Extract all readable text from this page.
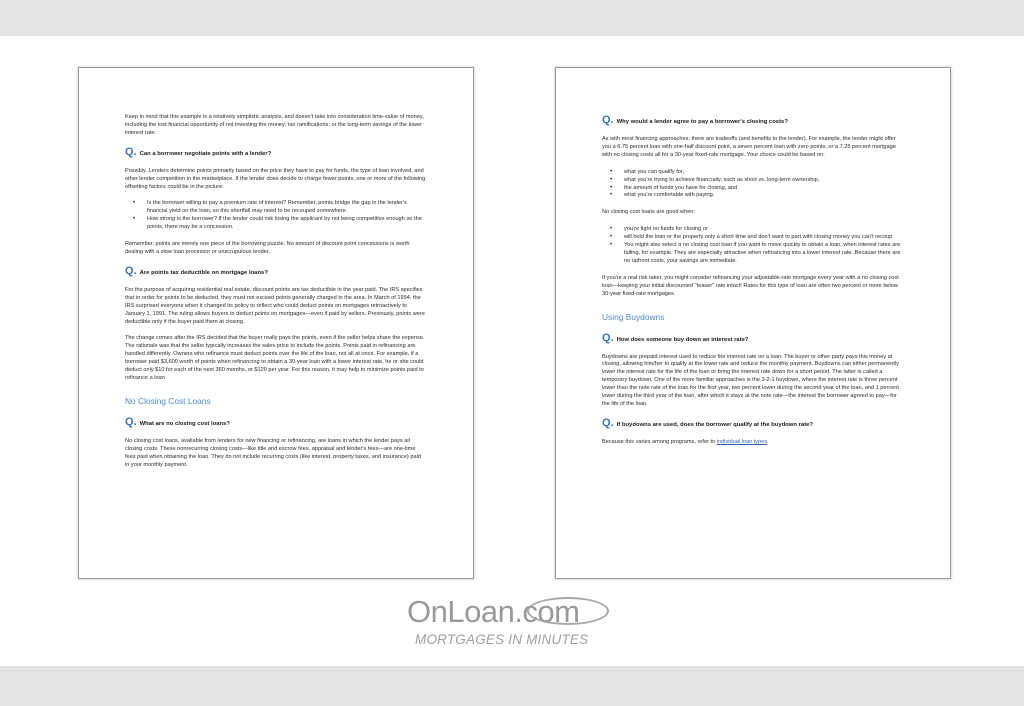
Keep in mind that this example is a relatively simplistic analysis, and doesn't take into consideration time-value of money, including the lost financial opportunity of not investing the money; tax ramifications; or the long-term savings of the lower interest rate.

Q. Can a borrower negotiate points with a lender?

Possibly. Lenders determine points primarily based on the price they have to pay for funds, the type of loan involved, and other lender competition in the marketplace. If the lender does decide to charge fewer points, one or more of the following offsetting factors could be in the picture:

• Is the borrower willing to pay a premium rate of interest? Remember, points bridge the gap in the lender's financial yield on the loan, so this shortfall may need to be recouped somewhere.
• How strong is the borrower? If the lender could risk losing the applicant by not being competitive enough on the points, there may be a concession.

Remember, points are merely one piece of the borrowing puzzle. No amount of discount point concessions is worth dealing with a slow loan processor or unscrupulous lender.

Q. Are points tax deductible on mortgage loans?

For the purpose of acquiring residential real estate, discount points are tax deductible in the year paid. The IRS specifies that in order for points to be deducted, they must not exceed points generally charged in the area. In March of 1994, the IRS surprised everyone when it changed its policy to reflect who could deduct points on mortgages retroactively to January 1, 1991. The ruling allows buyers to deduct points on mortgages—even if paid by sellers. Previously, points were deductible only if the buyer paid them at closing.

The change comes after the IRS decided that the buyer really pays the points, even if the seller helps share the expense. The rationale was that the seller typically increases the sales price to include the points. Points paid in refinancing are handled differently. Owners who refinance must deduct points over the life of the loan, not all at once. For example, if a borrower paid $3,600 worth of points when refinancing to obtain a 30-year loan with a lower interest rate, he or she could deduct only $10 for each of the next 360 months, or $120 per year. For this reason, it may help to minimize points paid to refinance a loan

No Closing Cost Loans
Q. What are no closing cost loans?

No closing cost loans, available from lenders for new financing or refinancing, are loans in which the lender pays all closing costs. These nonrecurring closing costs—like title and escrow fees, appraisal and lender's fees—are one-time fees paid when obtaining the loan. They do not include recurring costs (like interest, property taxes, and insurance) paid in your monthly payment.

Q. Why would a lender agree to pay a borrower's closing costs?

As with most financing approaches, there are tradeoffs (and benefits to the lender). For example, the lender might offer you a 6.75 percent loan with one-half discount point, a seven percent loan with zero points, or a 7.25 percent mortgage with no closing costs all for a 30-year fixed-rate mortgage. Your choice could be based on:

• what you can qualify for,
• what you're trying to achieve financially, such as short vs. long-term ownership,
• the amount of funds you have for closing, and
• what you're comfortable with paying.

No closing cost loans are good when:

• you're tight on funds for closing or
• will hold the loan or the property only a short time and don't want to part with closing money you can't recoup.
• You might also select a no closing cost loan if you want to move quickly to obtain a loan, when interest rates are falling, for example. They are especially attractive when refinancing into a lower interest rate. Because there are no upfront costs, your savings are immediate.

If you're a real risk taker, you might consider refinancing your adjustable-rate mortgage every year with a no closing cost loan—keeping your initial discounted "teaser" rate intact! Rates for this type of loan are often two percent or more below 30-year fixed-rate mortgages.

Using Buydowns
Q. How does someone buy down an interest rate?

Buydowns are prepaid interest used to reduce the interest rate on a loan. The buyer or other party pays this money at closing, allowing him/her to qualify at the lower rate and reduce the monthly payment. Buydowns can either permanently lower the interest rate for the life of the loan or bring the interest rate down for a short period. The latter is called a temporary buydown. One of the more familiar approaches is the 3-2-1 buydown, where the interest rate is three percent lower than the note rate of the loan for the first year, two percent lower during the second year of the loan, and 1 percent lower during the third year of the loan, after which it stays at the note rate—the interest the borrower agreed to pay—for the life of the loan.

Q. If buydowns are used, does the borrower qualify at the buydown rate?

Because this varies among programs, refer to individual loan types.

OnLoan.com
MORTGAGES IN MINUTES
